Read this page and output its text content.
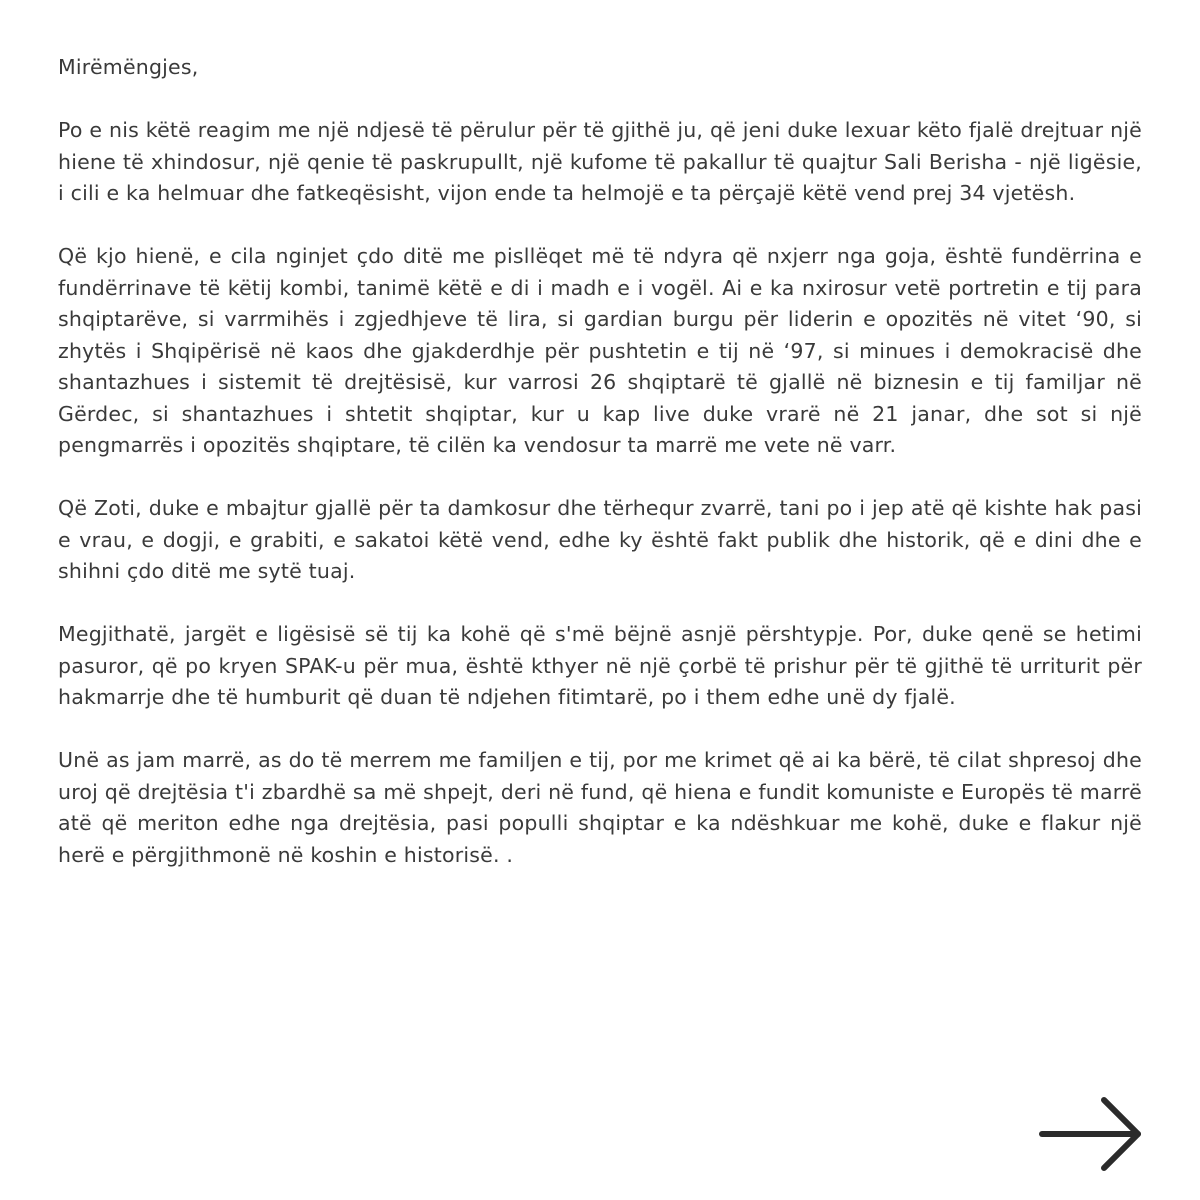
Mirëmëngjes,

Po e nis këtë reagim me një ndjesë të përulur për të gjithë ju, që jeni duke lexuar këto fjalë drejtuar një hiene të xhindosur, një qenie të paskrupullt, një kufome të pakallur të quajtur Sali Berisha - një ligësie, i cili e ka helmuar dhe fatkeqësisht, vijon ende ta helmojë e ta përçajë këtë vend prej 34 vjetësh.

Që kjo hienë, e cila nginjet çdo ditë me pisllëqet më të ndyra që nxjerr nga goja, është fundërrina e fundërrinave të këtij kombi, tanimë këtë e di i madh e i vogël. Ai e ka nxirosur vetë portretin e tij para shqiptarëve, si varrmihës i zgjedhjeve të lira, si gardian burgu për liderin e opozitës në vitet ‘90, si zhytës i Shqipërisë në kaos dhe gjakderdhje për pushtetin e tij në ‘97, si minues i demokracisë dhe shantazhues i sistemit të drejtësisë, kur varrosi 26 shqiptarë të gjallë në biznesin e tij familjar në Gërdec, si shantazhues i shtetit shqiptar, kur u kap live duke vrarë në 21 janar, dhe sot si një pengmarrës i opozitës shqiptare, të cilën ka vendosur ta marrë me vete në varr.

Që Zoti, duke e mbajtur gjallë për ta damkosur dhe tërhequr zvarrë, tani po i jep atë që kishte hak pasi e vrau, e dogji, e grabiti, e sakatoi këtë vend, edhe ky është fakt publik dhe historik, që e dini dhe e shihni çdo ditë me sytë tuaj.

Megjithatë, jargët e ligësisë së tij ka kohë që s'më bëjnë asnjë përshtypje. Por, duke qenë se hetimi pasuror, që po kryen SPAK-u për mua, është kthyer në një çorbë të prishur për të gjithë të urriturit për hakmarrje dhe të humburit që duan të ndjehen fitimtarë, po i them edhe unë dy fjalë.

Unë as jam marrë, as do të merrem me familjen e tij, por me krimet që ai ka bërë, të cilat shpresoj dhe uroj që drejtësia t'i zbardhë sa më shpejt, deri në fund, që hiena e fundit komuniste e Europës të marrë atë që meriton edhe nga drejtësia, pasi populli shqiptar e ka ndëshkuar me kohë, duke e flakur një herë e përgjithmonë në koshin e historisë. .
